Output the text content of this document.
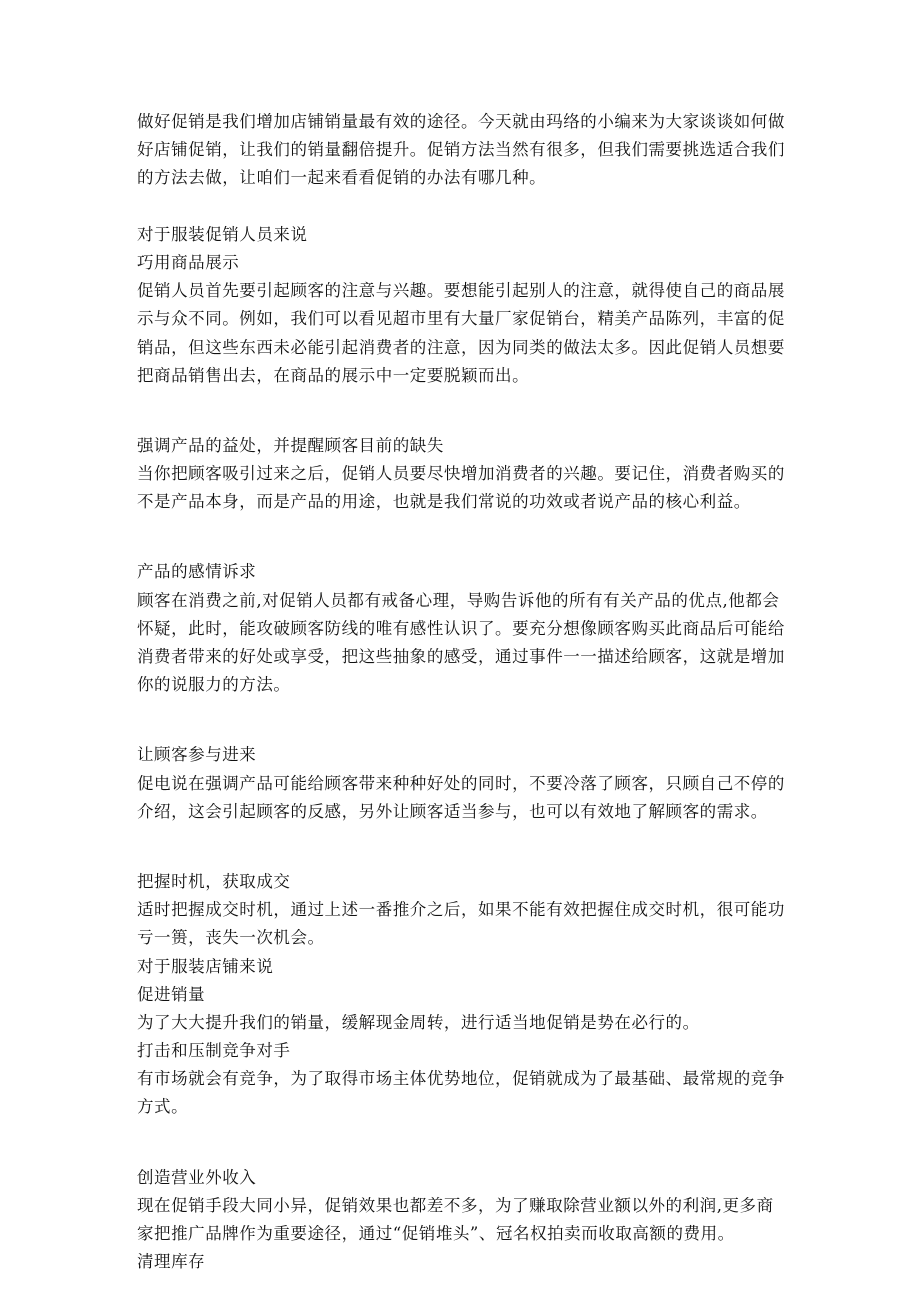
做好促销是我们增加店铺销量最有效的途径。今天就由玛络的小编来为大家谈谈如何做
好店铺促销，让我们的销量翻倍提升。促销方法当然有很多，但我们需要挑选适合我们
的方法去做，让咱们一起来看看促销的办法有哪几种。
对于服装促销人员来说
巧用商品展示
促销人员首先要引起顾客的注意与兴趣。要想能引起别人的注意，就得使自己的商品展
示与众不同。例如，我们可以看见超市里有大量厂家促销台，精美产品陈列，丰富的促
销品，但这些东西未必能引起消费者的注意，因为同类的做法太多。因此促销人员想要
把商品销售出去，在商品的展示中一定要脱颖而出。
强调产品的益处，并提醒顾客目前的缺失
当你把顾客吸引过来之后，促销人员要尽快增加消费者的兴趣。要记住，消费者购买的
不是产品本身，而是产品的用途，也就是我们常说的功效或者说产品的核心利益。
产品的感情诉求
顾客在消费之前,对促销人员都有戒备心理，导购告诉他的所有有关产品的优点,他都会
怀疑，此时，能攻破顾客防线的唯有感性认识了。要充分想像顾客购买此商品后可能给
消费者带来的好处或享受，把这些抽象的感受，通过事件一一描述给顾客，这就是增加
你的说服力的方法。
让顾客参与进来
促电说在强调产品可能给顾客带来种种好处的同时，不要冷落了顾客，只顾自己不停的
介绍，这会引起顾客的反感，另外让顾客适当参与，也可以有效地了解顾客的需求。
把握时机，获取成交
适时把握成交时机，通过上述一番推介之后，如果不能有效把握住成交时机，很可能功
亏一篑，丧失一次机会。
对于服装店铺来说
促进销量
为了大大提升我们的销量，缓解现金周转，进行适当地促销是势在必行的。
打击和压制竞争对手
有市场就会有竞争，为了取得市场主体优势地位，促销就成为了最基础、最常规的竞争
方式。
创造营业外收入
现在促销手段大同小异，促销效果也都差不多，为了赚取除营业额以外的利润,更多商
家把推广品牌作为重要途径，通过“促销堆头”、冠名权拍卖而收取高额的费用。
清理库存
